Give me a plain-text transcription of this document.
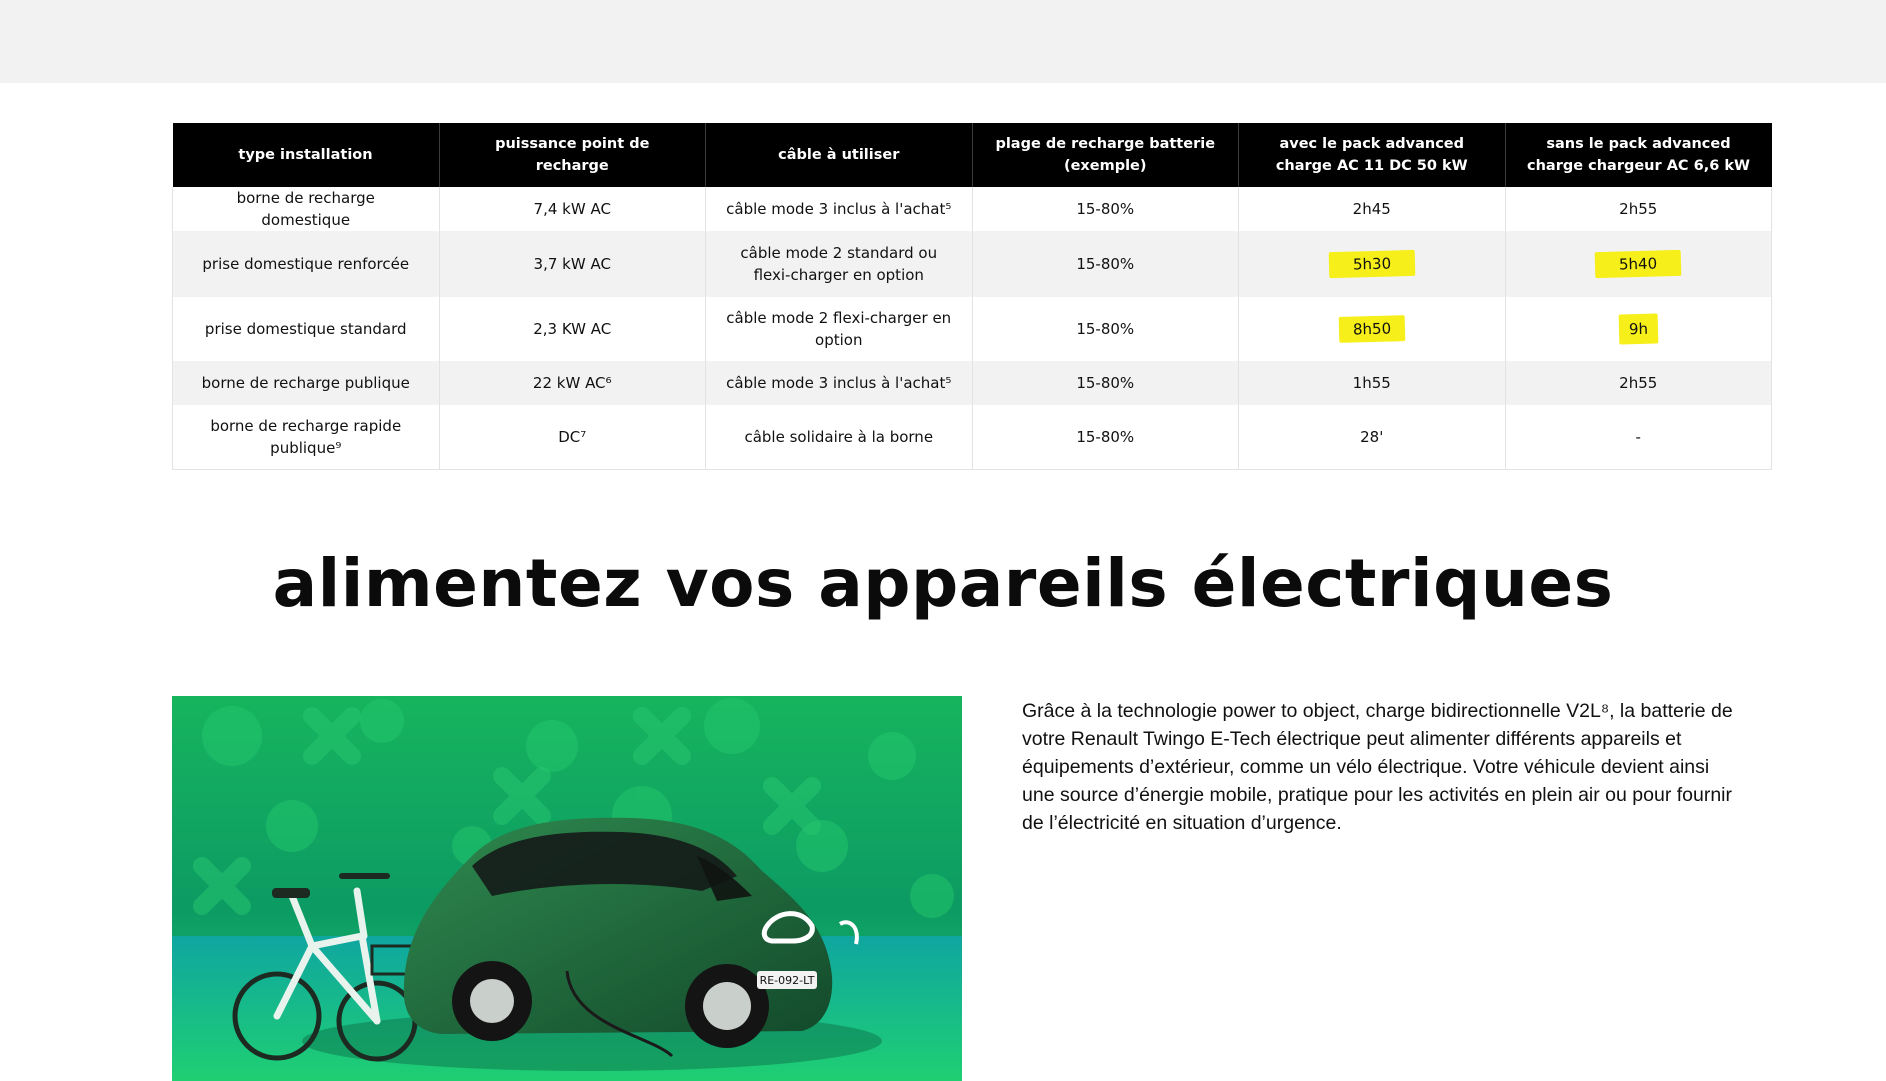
type installation	puissance point de recharge	câble à utiliser	plage de recharge batterie (exemple)	avec le pack advanced charge AC 11 DC 50 kW	sans le pack advanced charge chargeur AC 6,6 kW
borne de recharge domestique	7,4 kW AC	câble mode 3 inclus à l'achat⁵	15-80%	2h45	2h55
prise domestique renforcée	3,7 kW AC	câble mode 2 standard ou flexi-charger en option	15-80%	5h30	5h40
prise domestique standard	2,3 KW AC	câble mode 2 flexi-charger en option	15-80%	8h50	9h
borne de recharge publique	22 kW AC⁶	câble mode 3 inclus à l'achat⁵	15-80%	1h55	2h55
borne de recharge rapide publique⁹	DC⁷	câble solidaire à la borne	15-80%	28'	-
alimentez vos appareils électriques
RE-092-LT

Grâce à la technologie power to object, charge bidirectionnelle V2L⁸, la batterie de votre Renault Twingo E-Tech électrique peut alimenter différents appareils et équipements d’extérieur, comme un vélo électrique. Votre véhicule devient ainsi une source d’énergie mobile, pratique pour les activités en plein air ou pour fournir de l’électricité en situation d’urgence.
